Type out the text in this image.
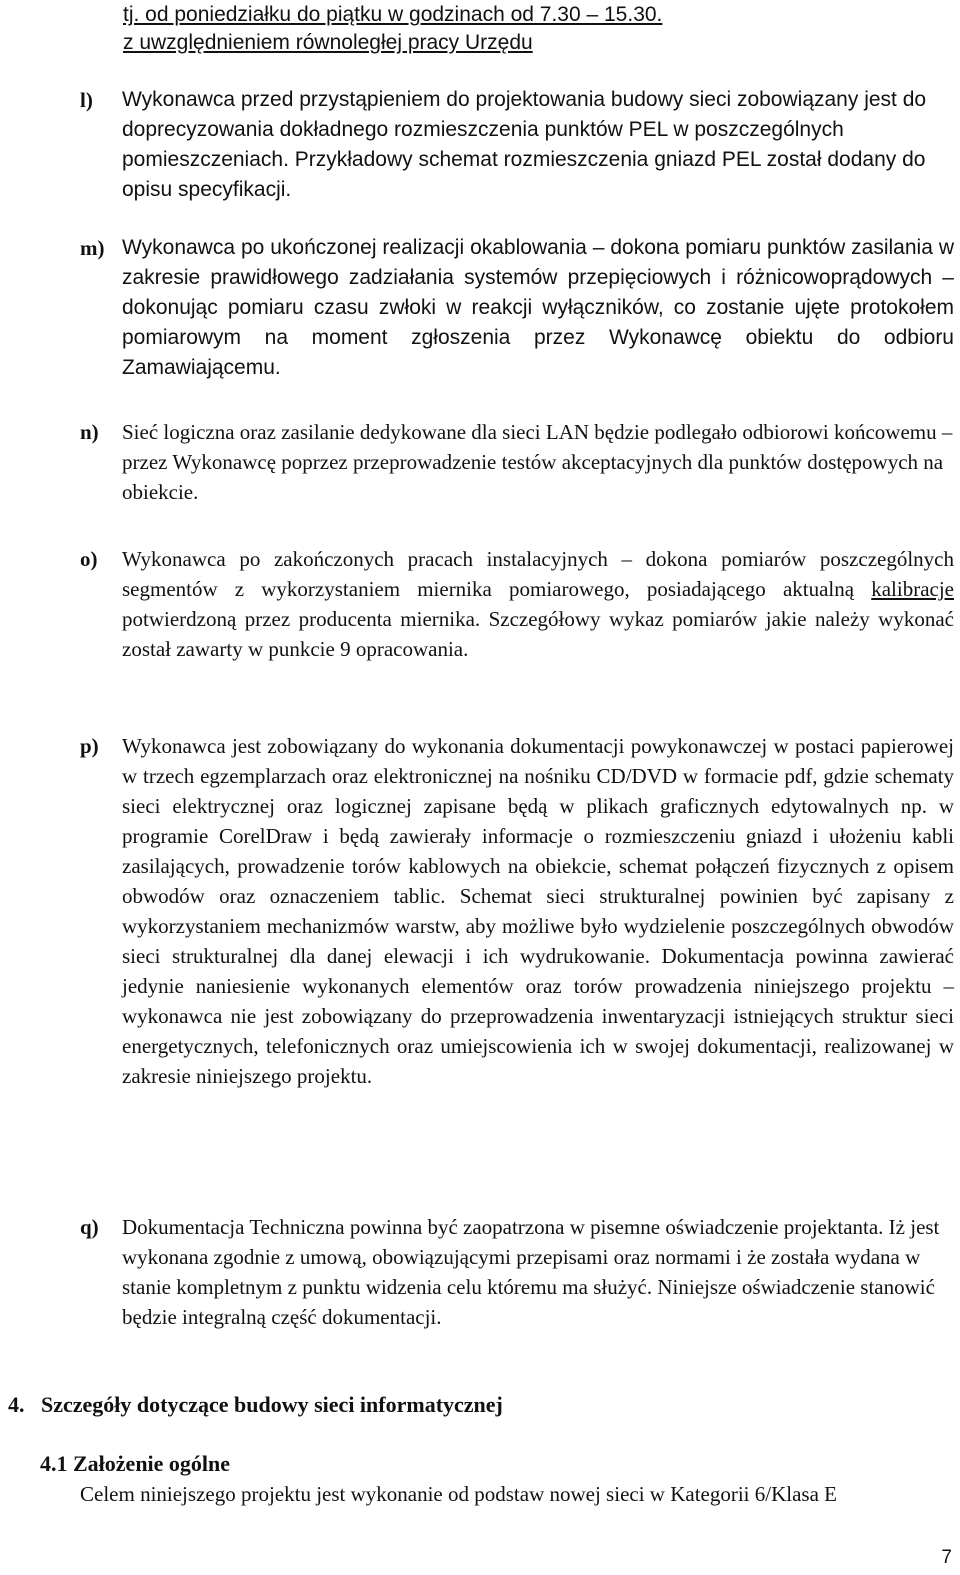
tj. od poniedziałku do piątku w godzinach od 7.30 – 15.30.
z uwzględnieniem równoległej pracy Urzędu
l) Wykonawca przed przystąpieniem do projektowania budowy sieci zobowiązany jest do doprecyzowania dokładnego rozmieszczenia punktów PEL w poszczególnych pomieszczeniach. Przykładowy schemat rozmieszczenia gniazd PEL został dodany do opisu specyfikacji.
m) Wykonawca po ukończonej realizacji okablowania – dokona pomiaru punktów zasilania w zakresie prawidłowego zadziałania systemów przepięciowych i różnicowoprądowych – dokonując pomiaru czasu zwłoki w reakcji wyłączników, co zostanie ujęte protokołem pomiarowym na moment zgłoszenia przez Wykonawcę obiektu do odbioru Zamawiającemu.
n) Sieć logiczna oraz zasilanie dedykowane dla sieci LAN będzie podlegało odbiorowi końcowemu – przez Wykonawcę poprzez przeprowadzenie testów akceptacyjnych dla punktów dostępowych na obiekcie.
o) Wykonawca po zakończonych pracach instalacyjnych – dokona pomiarów poszczególnych segmentów z wykorzystaniem miernika pomiarowego, posiadającego aktualną kalibracje potwierdzoną przez producenta miernika. Szczegółowy wykaz pomiarów jakie należy wykonać został zawarty w punkcie 9 opracowania.
p) Wykonawca jest zobowiązany do wykonania dokumentacji powykonawczej w postaci papierowej w trzech egzemplarzach oraz elektronicznej na nośniku CD/DVD w formacie pdf, gdzie schematy sieci elektrycznej oraz logicznej zapisane będą w plikach graficznych edytowalnych np. w programie CorelDraw i będą zawierały informacje o rozmieszczeniu gniazd i ułożeniu kabli zasilających, prowadzenie torów kablowych na obiekcie, schemat połączeń fizycznych z opisem obwodów oraz oznaczeniem tablic. Schemat sieci strukturalnej powinien być zapisany z wykorzystaniem mechanizmów warstw, aby możliwe było wydzielenie poszczególnych obwodów sieci strukturalnej dla danej elewacji i ich wydrukowanie. Dokumentacja powinna zawierać jedynie naniesienie wykonanych elementów oraz torów prowadzenia niniejszego projektu – wykonawca nie jest zobowiązany do przeprowadzenia inwentaryzacji istniejących struktur sieci energetycznych, telefonicznych oraz umiejscowienia ich w swojej dokumentacji, realizowanej w zakresie niniejszego projektu.
q) Dokumentacja Techniczna powinna być zaopatrzona w pisemne oświadczenie projektanta. Iż jest wykonana zgodnie z umową, obowiązującymi przepisami oraz normami i że została wydana w stanie kompletnym z punktu widzenia celu któremu ma służyć. Niniejsze oświadczenie stanowić będzie integralną część dokumentacji.
4. Szczegóły dotyczące budowy sieci informatycznej
4.1 Założenie ogólne
Celem niniejszego projektu jest wykonanie od podstaw nowej sieci w Kategorii 6/Klasa E
7
